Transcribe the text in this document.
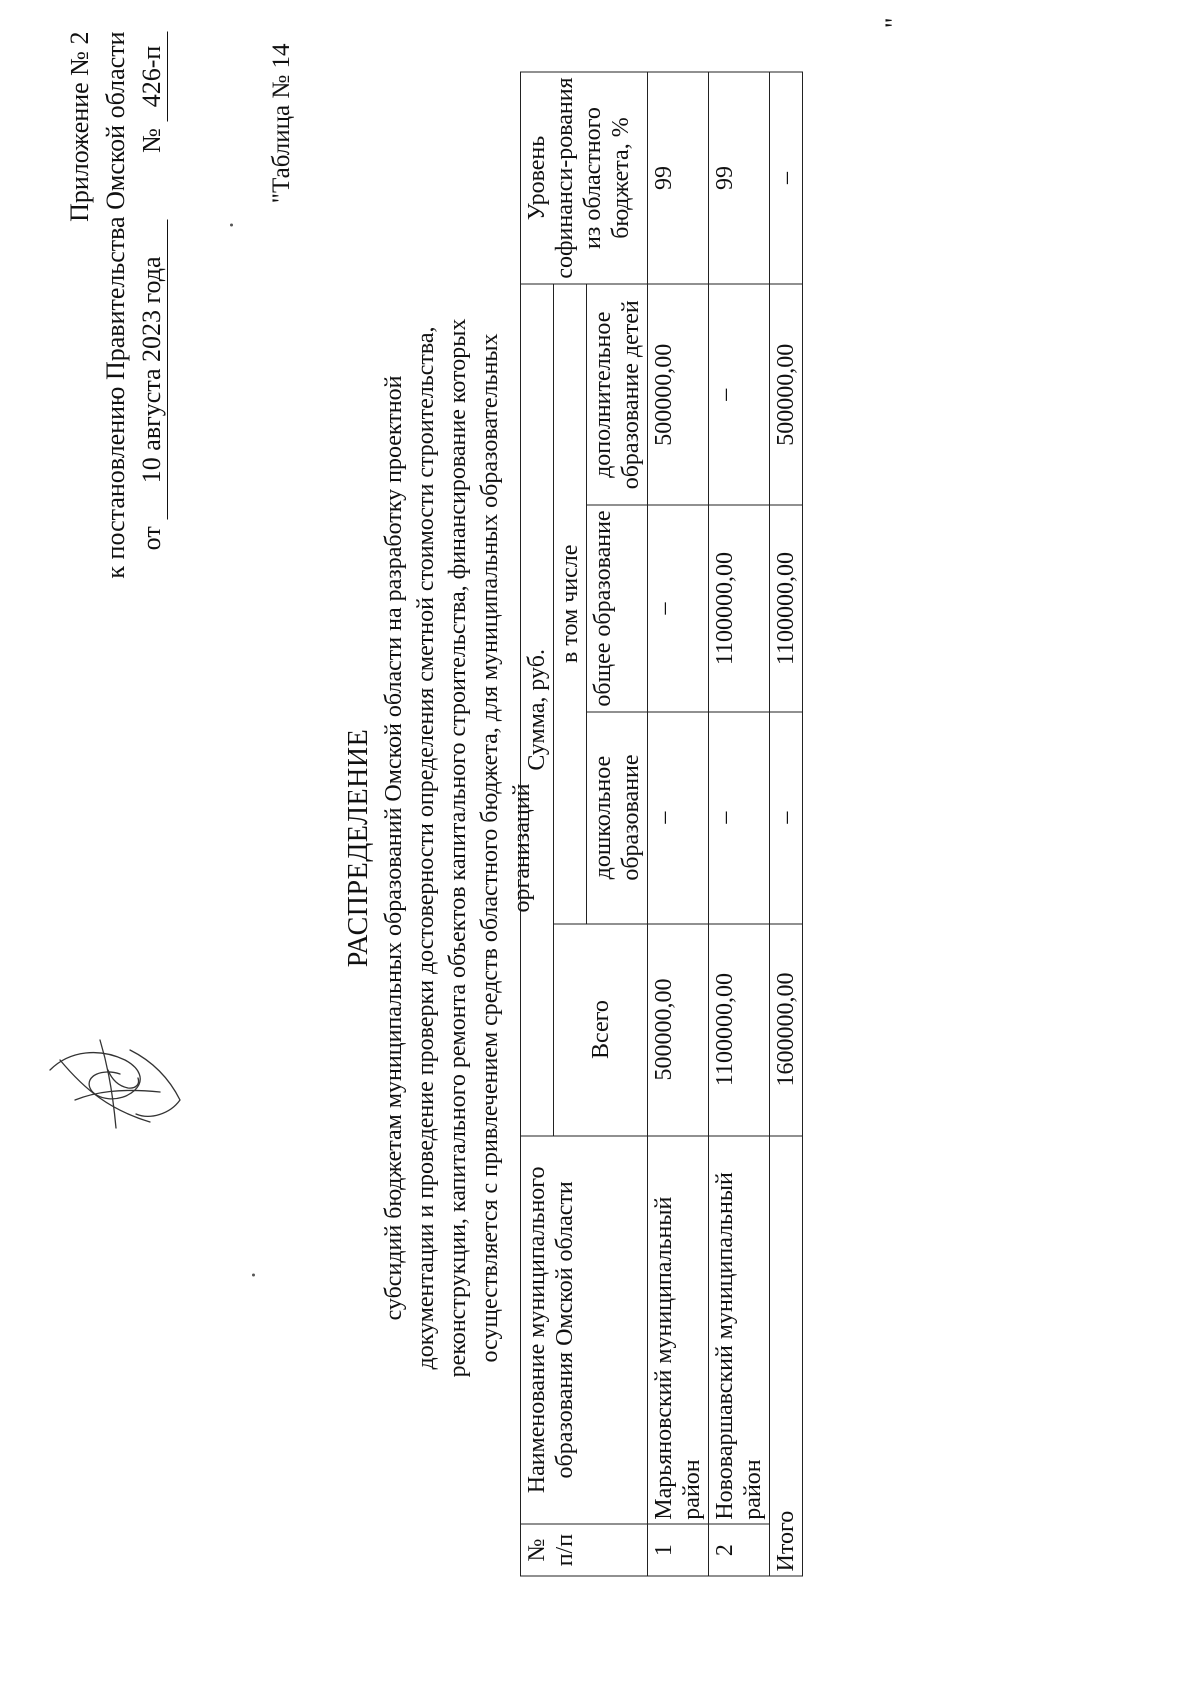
Приложение № 2 к постановлению Правительства Омской области от 10 августа 2023 года  № 426-п	"Таблица № 14
РАСПРЕДЕЛЕНИЕ субсидий бюджетам муниципальных образований Омской области на разработку проектной документации и проведение проверки достоверности определения сметной стоимости строительства, реконструкции, капитального ремонта объектов капитального строительства, финансирование которых осуществляется с привлечением средств областного бюджета, для муниципальных образовательных организаций
№ п/п	Наименование муниципального образования Омской области	Сумма, руб.				Уровень софинанси-рования из областного бюджета, %
		Всего	в том числе			
			дошкольное образование	общее образование	дополнительное образование детей	
1	Марьяновский муниципальный район	500000,00	–	–	500000,00	99
2	Нововаршавский муниципальный район	1100000,00	–	1100000,00	–	99
Итого		1600000,00	–	1100000,00	500000,00	–
"
